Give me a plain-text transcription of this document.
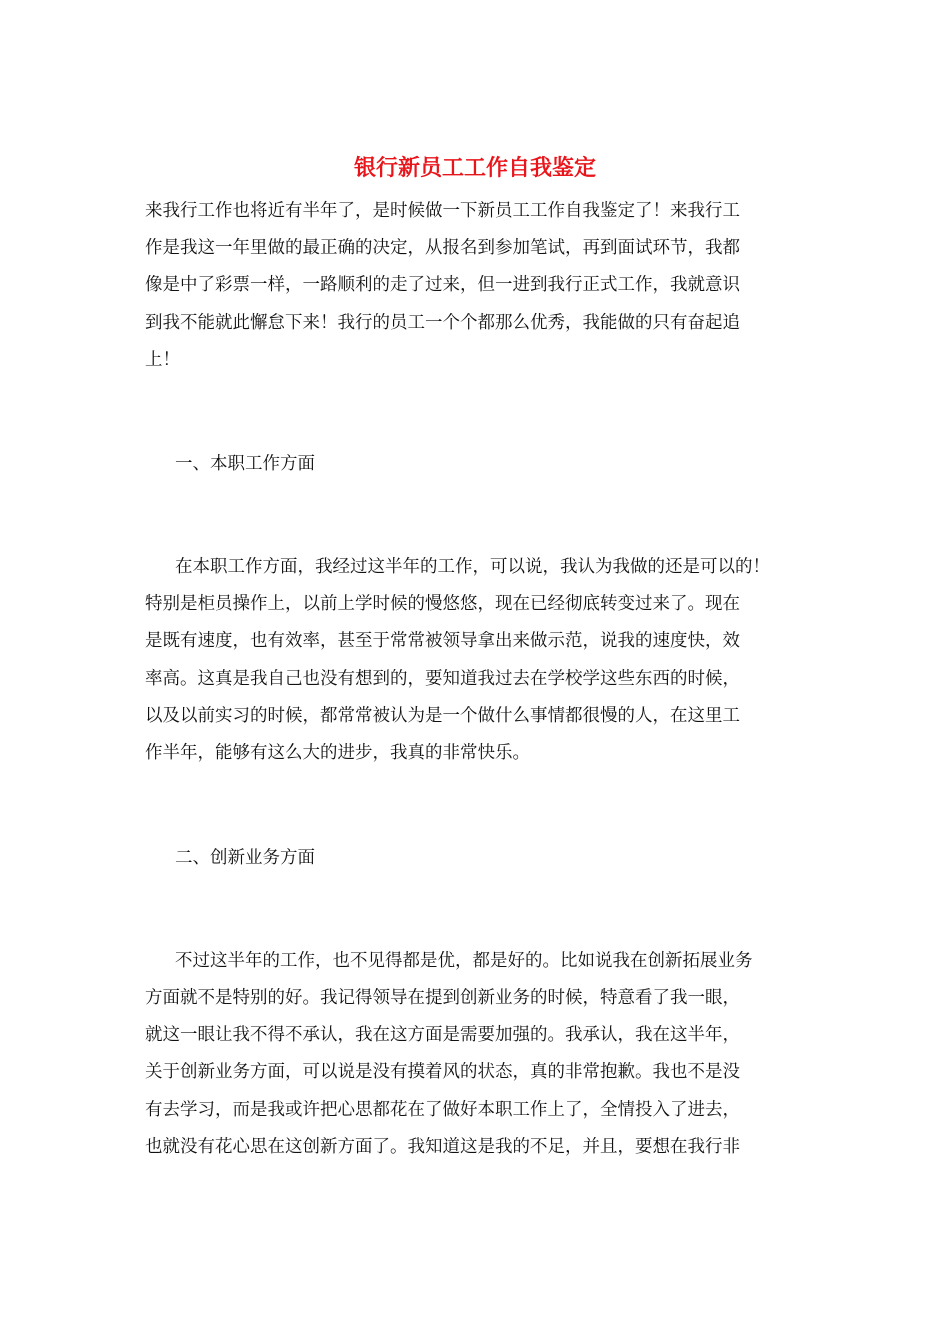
银行新员工工作自我鉴定
来我行工作也将近有半年了，是时候做一下新员工工作自我鉴定了！来我行工
作是我这一年里做的最正确的决定，从报名到参加笔试，再到面试环节，我都
像是中了彩票一样，一路顺利的走了过来，但一进到我行正式工作，我就意识
到我不能就此懈怠下来！我行的员工一个个都那么优秀，我能做的只有奋起追
上！
一、本职工作方面
在本职工作方面，我经过这半年的工作，可以说，我认为我做的还是可以的！
特别是柜员操作上，以前上学时候的慢悠悠，现在已经彻底转变过来了。现在
是既有速度，也有效率，甚至于常常被领导拿出来做示范，说我的速度快，效
率高。这真是我自己也没有想到的，要知道我过去在学校学这些东西的时候，
以及以前实习的时候，都常常被认为是一个做什么事情都很慢的人，在这里工
作半年，能够有这么大的进步，我真的非常快乐。
二、创新业务方面
不过这半年的工作，也不见得都是优，都是好的。比如说我在创新拓展业务
方面就不是特别的好。我记得领导在提到创新业务的时候，特意看了我一眼，
就这一眼让我不得不承认，我在这方面是需要加强的。我承认，我在这半年，
关于创新业务方面，可以说是没有摸着风的状态，真的非常抱歉。我也不是没
有去学习，而是我或许把心思都花在了做好本职工作上了，全情投入了进去，
也就没有花心思在这创新方面了。我知道这是我的不足，并且，要想在我行非
